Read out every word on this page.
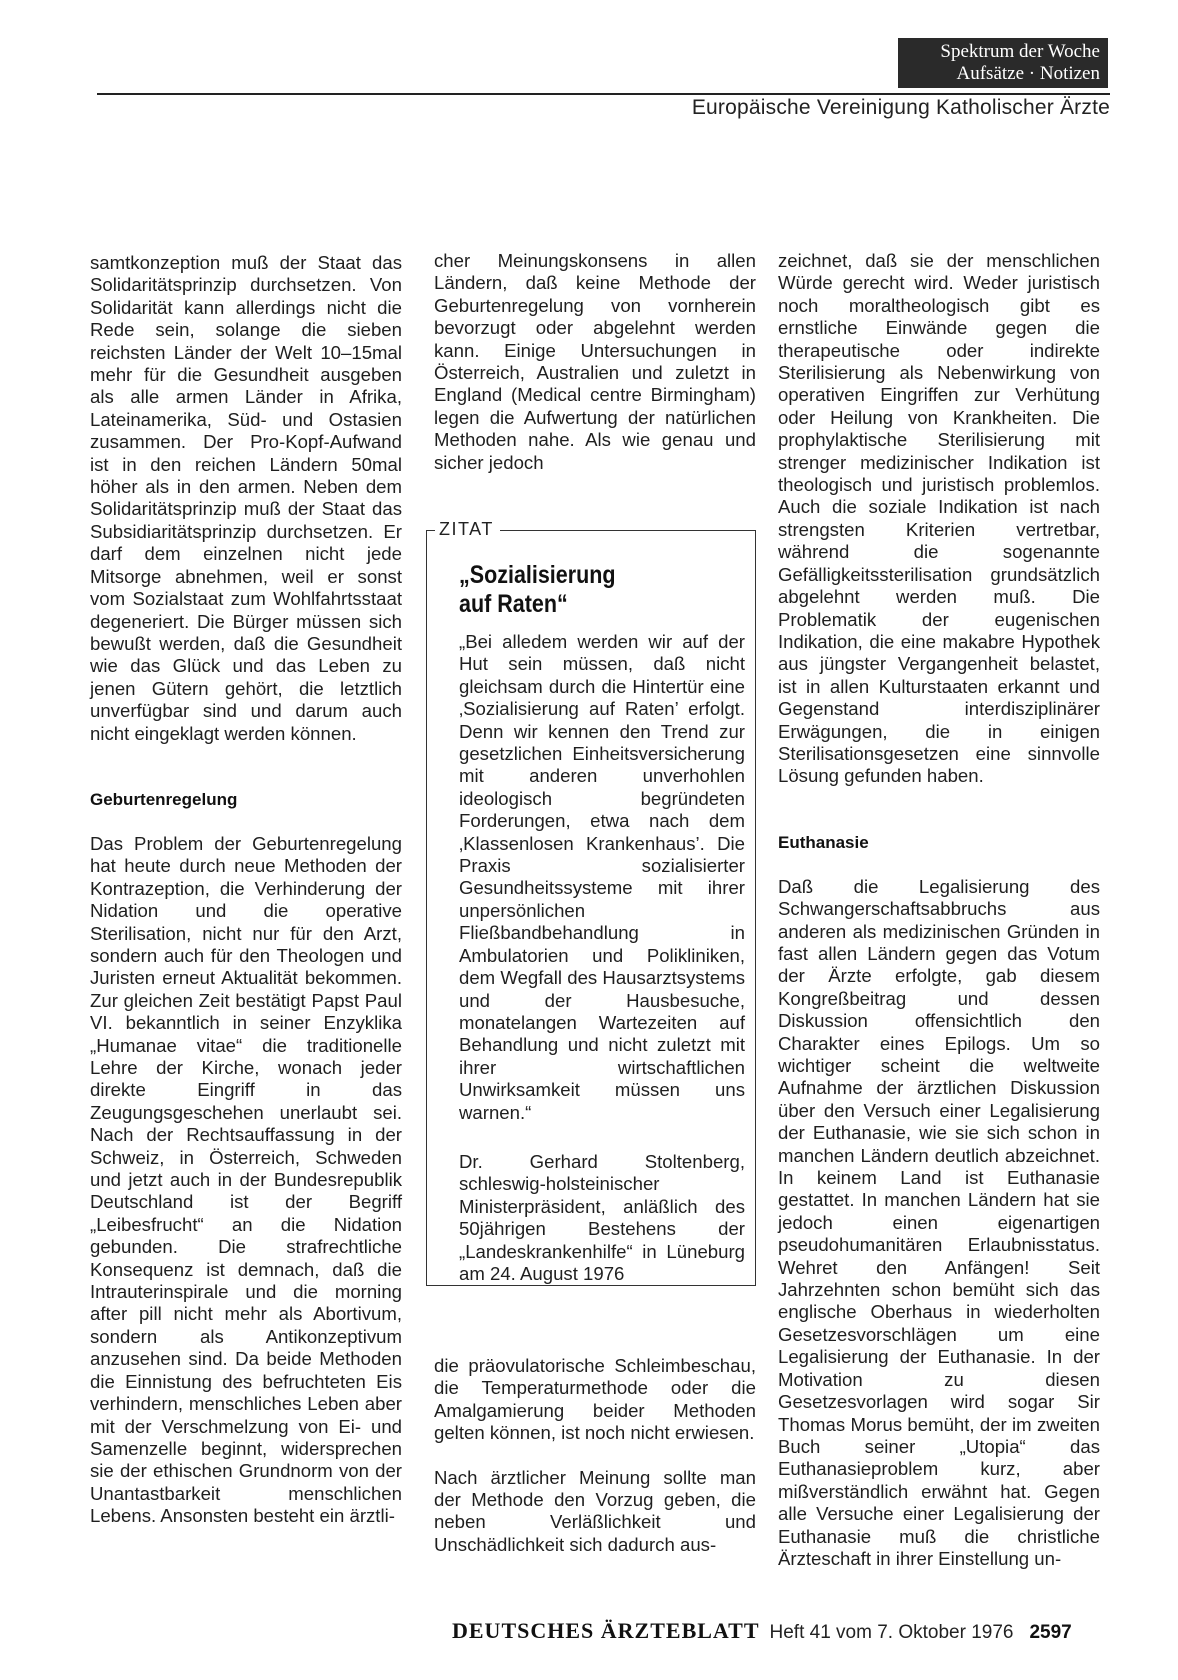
Spektrum der Woche
Aufsätze · Notizen
Europäische Vereinigung Katholischer Ärzte

samtkonzeption muß der Staat das Solidaritätsprinzip durchsetzen. Von Solidarität kann allerdings nicht die Rede sein, solange die sieben reichsten Länder der Welt 10–15mal mehr für die Gesundheit ausgeben als alle armen Länder in Afrika, Lateinamerika, Süd- und Ostasien zusammen. Der Pro-Kopf-Aufwand ist in den reichen Ländern 50mal höher als in den armen. Neben dem Solidaritätsprinzip muß der Staat das Subsidiaritätsprinzip durchsetzen. Er darf dem einzelnen nicht jede Mitsorge abnehmen, weil er sonst vom Sozialstaat zum Wohlfahrtsstaat degeneriert. Die Bürger müssen sich bewußt werden, daß die Gesundheit wie das Glück und das Leben zu jenen Gütern gehört, die letztlich unverfügbar sind und darum auch nicht eingeklagt werden können.

Geburtenregelung

Das Problem der Geburtenregelung hat heute durch neue Methoden der Kontrazeption, die Verhinderung der Nidation und die operative Sterilisation, nicht nur für den Arzt, sondern auch für den Theologen und Juristen erneut Aktualität bekommen. Zur gleichen Zeit bestätigt Papst Paul VI. bekanntlich in seiner Enzyklika „Humanae vitae“ die traditionelle Lehre der Kirche, wonach jeder direkte Eingriff in das Zeugungsgeschehen unerlaubt sei. Nach der Rechtsauffassung in der Schweiz, in Österreich, Schweden und jetzt auch in der Bundesrepublik Deutschland ist der Begriff „Leibesfrucht“ an die Nidation gebunden. Die strafrechtliche Konsequenz ist demnach, daß die Intrauterinspirale und die morning after pill nicht mehr als Abortivum, sondern als Antikonzeptivum anzusehen sind. Da beide Methoden die Einnistung des befruchteten Eis verhindern, menschliches Leben aber mit der Verschmelzung von Ei- und Samenzelle beginnt, widersprechen sie der ethischen Grundnorm von der Unantastbarkeit menschlichen Lebens. Ansonsten besteht ein ärztli-

cher Meinungskonsens in allen Ländern, daß keine Methode der Geburtenregelung von vornherein bevorzugt oder abgelehnt werden kann. Einige Untersuchungen in Österreich, Australien und zuletzt in England (Medical centre Birmingham) legen die Aufwertung der natürlichen Methoden nahe. Als wie genau und sicher jedoch

ZITAT
„Sozialisierung
auf Raten“

„Bei alledem werden wir auf der Hut sein müssen, daß nicht gleichsam durch die Hintertür eine ‚Sozialisierung auf Raten’ erfolgt. Denn wir kennen den Trend zur gesetzlichen Einheitsversicherung mit anderen unverhohlen ideologisch begründeten Forderungen, etwa nach dem ‚Klassenlosen Krankenhaus’. Die Praxis sozialisierter Gesundheitssysteme mit ihrer unpersönlichen Fließbandbehandlung in Ambulatorien und Polikliniken, dem Wegfall des Hausarztsystems und der Hausbesuche, monatelangen Wartezeiten auf Behandlung und nicht zuletzt mit ihrer wirtschaftlichen Unwirksamkeit müssen uns warnen.“

Dr. Gerhard Stoltenberg, schleswig-holsteinischer Ministerpräsident, anläßlich des 50jährigen Bestehens der „Landeskrankenhilfe“ in Lüneburg am 24. August 1976

die präovulatorische Schleimbeschau, die Temperaturmethode oder die Amalgamierung beider Methoden gelten können, ist noch nicht erwiesen.

Nach ärztlicher Meinung sollte man der Methode den Vorzug geben, die neben Verläßlichkeit und Unschädlichkeit sich dadurch aus-

zeichnet, daß sie der menschlichen Würde gerecht wird. Weder juristisch noch moraltheologisch gibt es ernstliche Einwände gegen die therapeutische oder indirekte Sterilisierung als Nebenwirkung von operativen Eingriffen zur Verhütung oder Heilung von Krankheiten. Die prophylaktische Sterilisierung mit strenger medizinischer Indikation ist theologisch und juristisch problemlos. Auch die soziale Indikation ist nach strengsten Kriterien vertretbar, während die sogenannte Gefälligkeitssterilisation grundsätzlich abgelehnt werden muß. Die Problematik der eugenischen Indikation, die eine makabre Hypothek aus jüngster Vergangenheit belastet, ist in allen Kulturstaaten erkannt und Gegenstand interdisziplinärer Erwägungen, die in einigen Sterilisationsgesetzen eine sinnvolle Lösung gefunden haben.

Euthanasie

Daß die Legalisierung des Schwangerschaftsabbruchs aus anderen als medizinischen Gründen in fast allen Ländern gegen das Votum der Ärzte erfolgte, gab diesem Kongreßbeitrag und dessen Diskussion offensichtlich den Charakter eines Epilogs. Um so wichtiger scheint die weltweite Aufnahme der ärztlichen Diskussion über den Versuch einer Legalisierung der Euthanasie, wie sie sich schon in manchen Ländern deutlich abzeichnet. In keinem Land ist Euthanasie gestattet. In manchen Ländern hat sie jedoch einen eigenartigen pseudohumanitären Erlaubnisstatus. Wehret den Anfängen! Seit Jahrzehnten schon bemüht sich das englische Oberhaus in wiederholten Gesetzesvorschlägen um eine Legalisierung der Euthanasie. In der Motivation zu diesen Gesetzesvorlagen wird sogar Sir Thomas Morus bemüht, der im zweiten Buch seiner „Utopia“ das Euthanasieproblem kurz, aber mißverständlich erwähnt hat. Gegen alle Versuche einer Legalisierung der Euthanasie muß die christliche Ärzteschaft in ihrer Einstellung un-

DEUTSCHES ÄRZTEBLATT Heft 41 vom 7. Oktober 1976 2597
